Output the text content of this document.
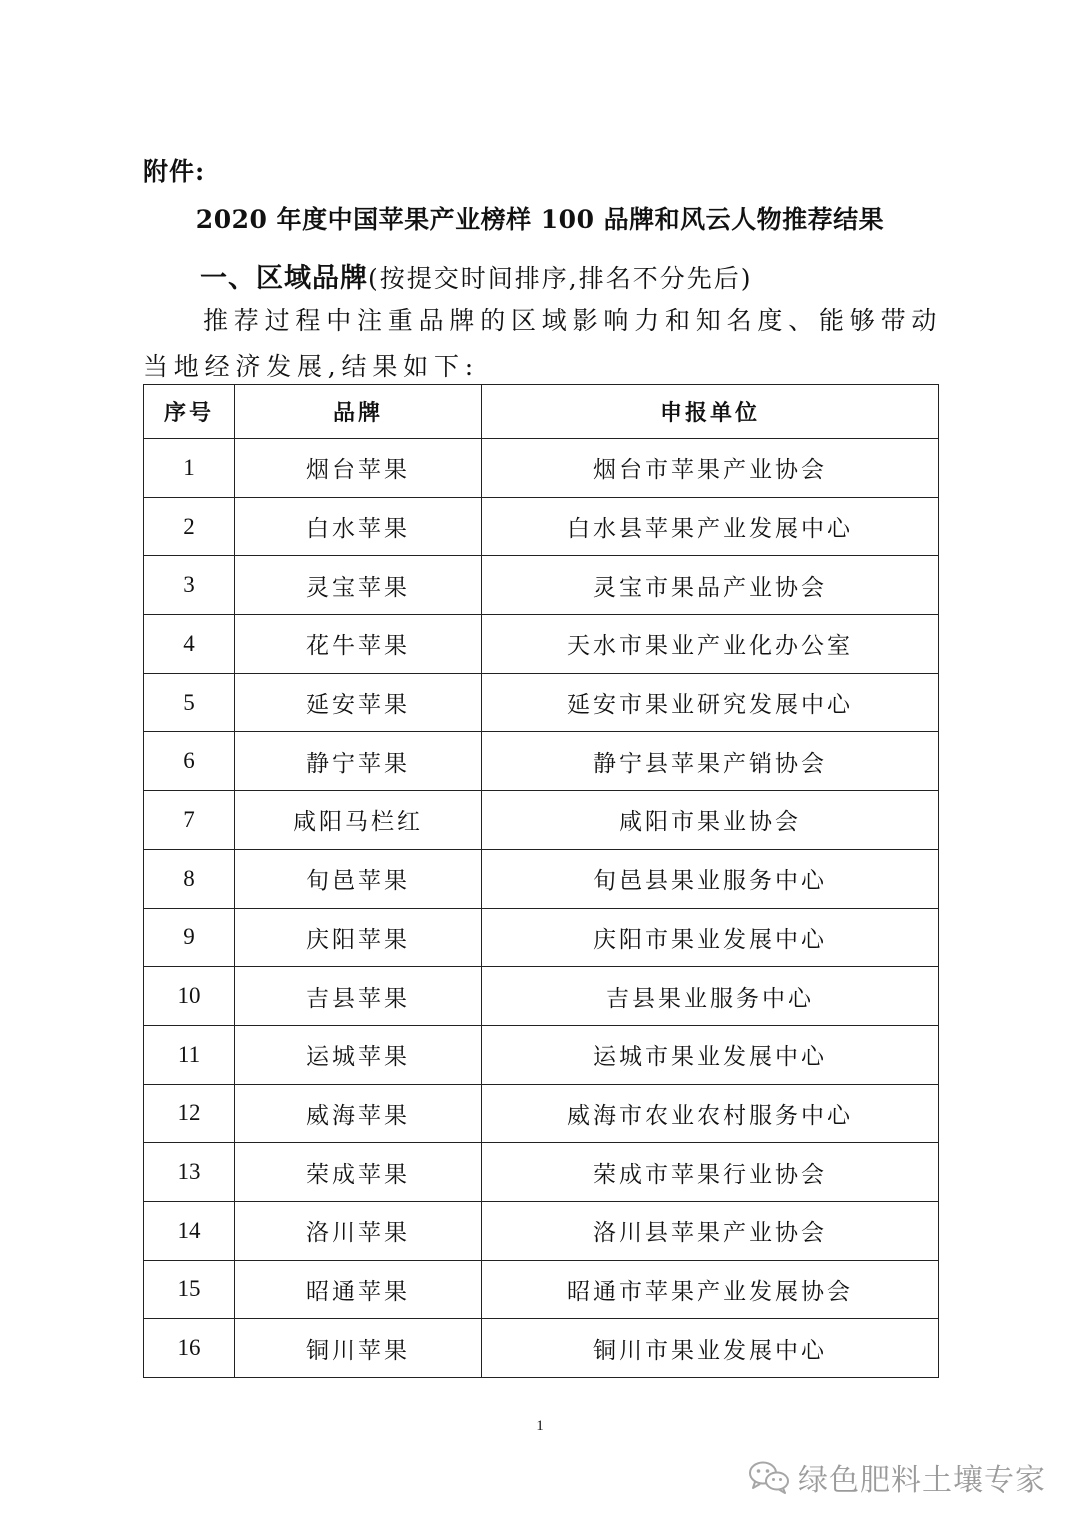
附件:
2020 年度中国苹果产业榜样 100 品牌和风云人物推荐结果
一、区域品牌(按提交时间排序,排名不分先后)
推荐过程中注重品牌的区域影响力和知名度、能够带动当地经济发展,结果如下:
序号	品牌	申报单位
1	烟台苹果	烟台市苹果产业协会
2	白水苹果	白水县苹果产业发展中心
3	灵宝苹果	灵宝市果品产业协会
4	花牛苹果	天水市果业产业化办公室
5	延安苹果	延安市果业研究发展中心
6	静宁苹果	静宁县苹果产销协会
7	咸阳马栏红	咸阳市果业协会
8	旬邑苹果	旬邑县果业服务中心
9	庆阳苹果	庆阳市果业发展中心
10	吉县苹果	吉县果业服务中心
11	运城苹果	运城市果业发展中心
12	威海苹果	威海市农业农村服务中心
13	荣成苹果	荣成市苹果行业协会
14	洛川苹果	洛川县苹果产业协会
15	昭通苹果	昭通市苹果产业发展协会
16	铜川苹果	铜川市果业发展中心
1
绿色肥料土壤专家
